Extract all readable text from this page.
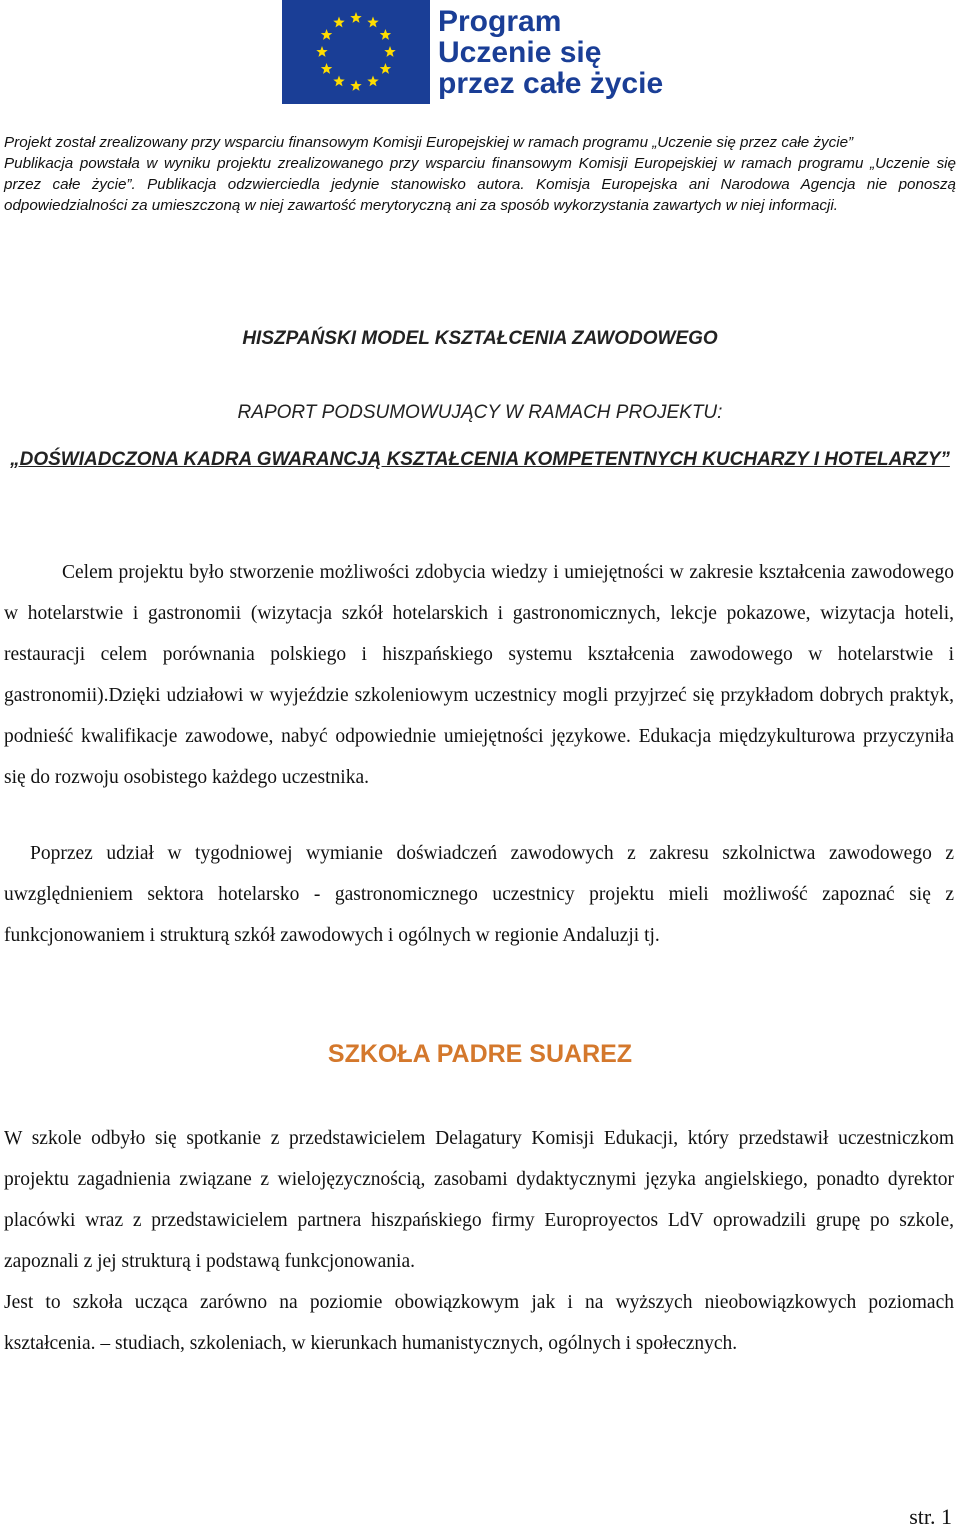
Program
Uczenie się
przez całe życie

Projekt został zrealizowany przy wsparciu finansowym Komisji Europejskiej w ramach programu „Uczenie się przez całe życie”

Publikacja powstała w wyniku projektu zrealizowanego przy wsparciu finansowym Komisji Europejskiej w ramach programu „Uczenie się przez całe życie”. Publikacja odzwierciedla jedynie stanowisko autora. Komisja Europejska ani Narodowa Agencja nie ponoszą odpowiedzialności za umieszczoną w niej zawartość merytoryczną ani za sposób wykorzystania zawartych w niej informacji.

HISZPAŃSKI MODEL KSZTAŁCENIA ZAWODOWEGO
RAPORT PODSUMOWUJĄCY W RAMACH PROJEKTU:
„DOŚWIADCZONA KADRA GWARANCJĄ KSZTAŁCENIA KOMPETENTNYCH KUCHARZY I HOTELARZY”

Celem projektu było stworzenie możliwości zdobycia wiedzy i umiejętności w zakresie kształcenia zawodowego w hotelarstwie i gastronomii (wizytacja szkół hotelarskich i gastronomicznych, lekcje pokazowe, wizytacja hoteli, restauracji celem porównania polskiego i hiszpańskiego systemu kształcenia zawodowego w hotelarstwie i gastronomii).Dzięki udziałowi w wyjeździe szkoleniowym uczestnicy mogli przyjrzeć się przykładom dobrych praktyk, podnieść kwalifikacje zawodowe, nabyć odpowiednie umiejętności językowe. Edukacja międzykulturowa przyczyniła się do rozwoju osobistego każdego uczestnika.

Poprzez udział w tygodniowej wymianie doświadczeń zawodowych z zakresu szkolnictwa zawodowego z uwzględnieniem sektora hotelarsko - gastronomicznego uczestnicy projektu mieli możliwość zapoznać się z funkcjonowaniem i strukturą szkół zawodowych i ogólnych w regionie Andaluzji tj.

SZKOŁA PADRE SUAREZ

W szkole odbyło się spotkanie z przedstawicielem Delagatury Komisji Edukacji, który przedstawił uczestniczkom projektu zagadnienia związane z wielojęzycznością, zasobami dydaktycznymi języka angielskiego, ponadto dyrektor placówki wraz z przedstawicielem partnera hiszpańskiego firmy Europroyectos LdV oprowadzili grupę po szkole, zapoznali z jej strukturą i podstawą funkcjonowania.

Jest to szkoła ucząca zarówno na poziomie obowiązkowym jak i na wyższych nieobowiązkowych poziomach kształcenia. – studiach, szkoleniach, w kierunkach humanistycznych, ogólnych i społecznych.

str. 1
